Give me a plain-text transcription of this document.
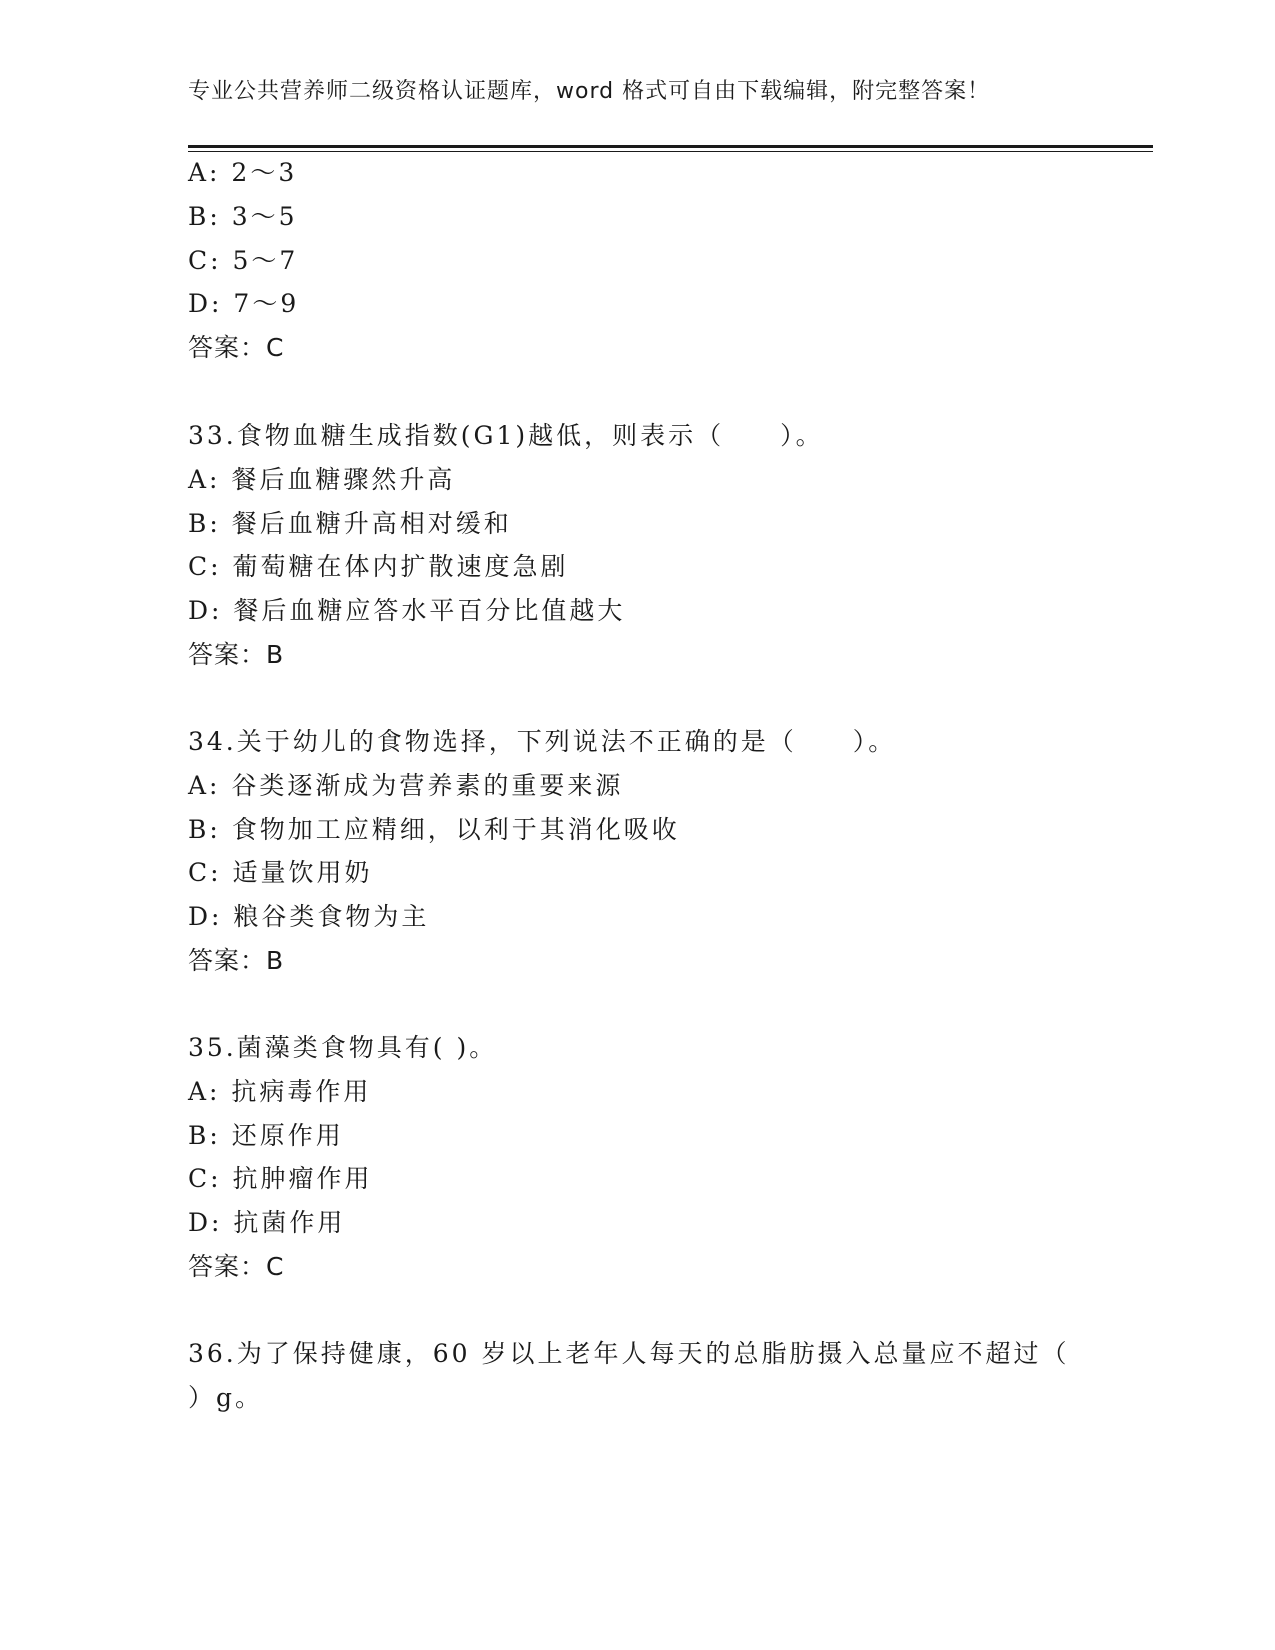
专业公共营养师二级资格认证题库，word 格式可自由下载编辑，附完整答案！
A: 2～3
B: 3～5
C: 5～7
D: 7～9
答案：C
33.食物血糖生成指数(G1)越低，则表示（　　）。
A: 餐后血糖骤然升高
B: 餐后血糖升高相对缓和
C: 葡萄糖在体内扩散速度急剧
D: 餐后血糖应答水平百分比值越大
答案：B
34.关于幼儿的食物选择，下列说法不正确的是（　　）。
A: 谷类逐渐成为营养素的重要来源
B: 食物加工应精细，以利于其消化吸收
C: 适量饮用奶
D: 粮谷类食物为主
答案：B
35.菌藻类食物具有( )。
A: 抗病毒作用
B: 还原作用
C: 抗肿瘤作用
D: 抗菌作用
答案：C
36.为了保持健康，60 岁以上老年人每天的总脂肪摄入总量应不超过（
）g。
